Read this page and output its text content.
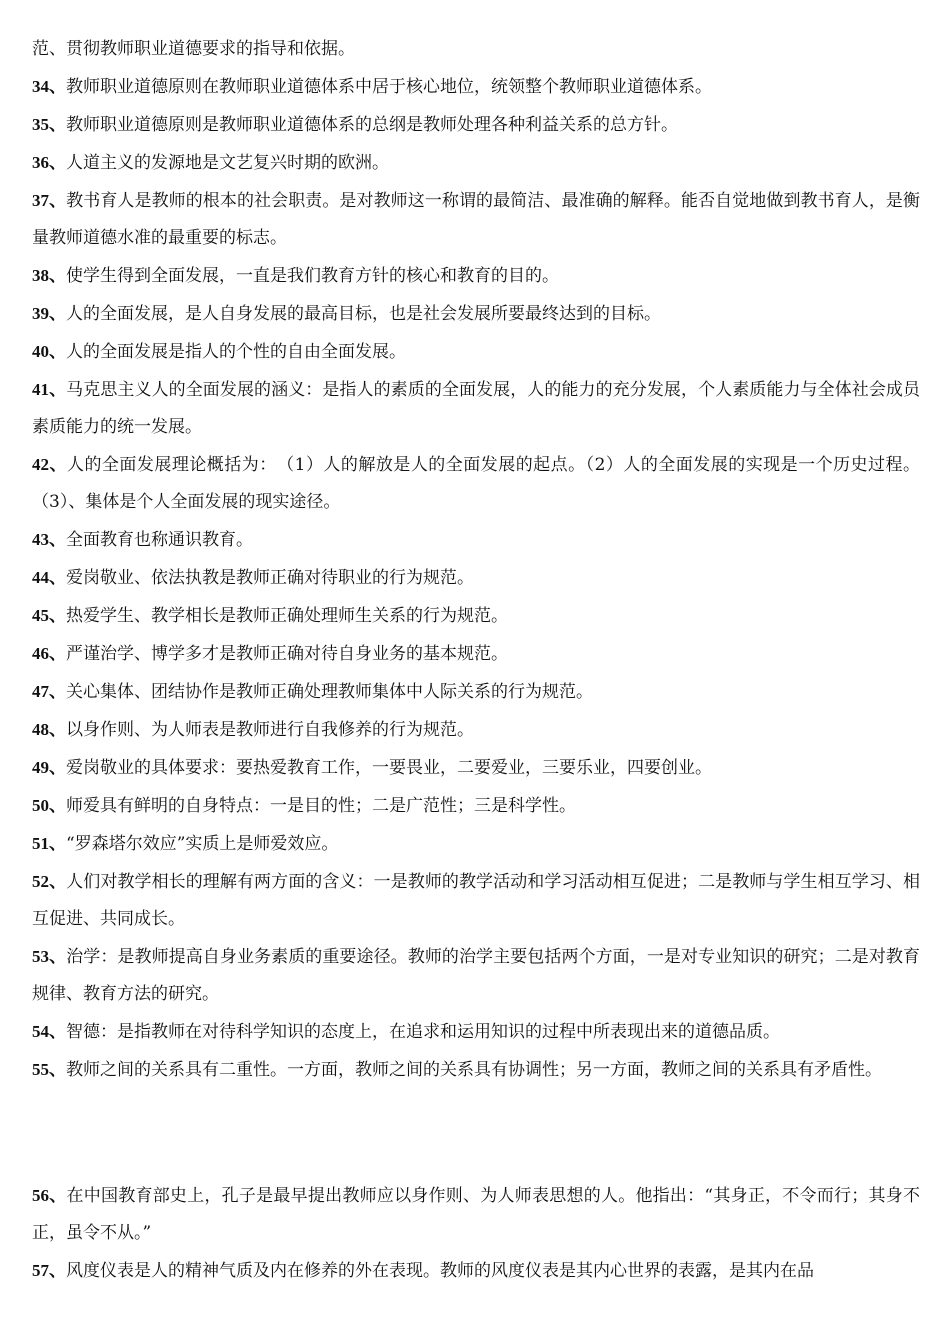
范、贯彻教师职业道德要求的指导和依据。

34、教师职业道德原则在教师职业道德体系中居于核心地位，统领整个教师职业道德体系。

35、教师职业道德原则是教师职业道德体系的总纲是教师处理各种利益关系的总方针。

36、人道主义的发源地是文艺复兴时期的欧洲。

37、教书育人是教师的根本的社会职责。是对教师这一称谓的最简洁、最准确的解释。能否自觉地做到教书育人，是衡量教师道德水准的最重要的标志。

38、使学生得到全面发展，一直是我们教育方针的核心和教育的目的。

39、人的全面发展，是人自身发展的最高目标，也是社会发展所要最终达到的目标。

40、人的全面发展是指人的个性的自由全面发展。

41、马克思主义人的全面发展的涵义：是指人的素质的全面发展，人的能力的充分发展，个人素质能力与全体社会成员素质能力的统一发展。

42、人的全面发展理论概括为：　（1）人的解放是人的全面发展的起点。（2）人的全面发展的实现是一个历史过程。（3）、集体是个人全面发展的现实途径。

43、全面教育也称通识教育。

44、爱岗敬业、依法执教是教师正确对待职业的行为规范。

45、热爱学生、教学相长是教师正确处理师生关系的行为规范。

46、严谨治学、博学多才是教师正确对待自身业务的基本规范。

47、关心集体、团结协作是教师正确处理教师集体中人际关系的行为规范。

48、以身作则、为人师表是教师进行自我修养的行为规范。

49、爱岗敬业的具体要求：要热爱教育工作，一要畏业，二要爱业，三要乐业，四要创业。

50、师爱具有鲜明的自身特点：一是目的性；二是广范性；三是科学性。

51、“罗森塔尔效应”实质上是师爱效应。

52、人们对教学相长的理解有两方面的含义：一是教师的教学活动和学习活动相互促进；二是教师与学生相互学习、相互促进、共同成长。

53、治学：是教师提高自身业务素质的重要途径。教师的治学主要包括两个方面，一是对专业知识的研究；二是对教育规律、教育方法的研究。

54、智德：是指教师在对待科学知识的态度上，在追求和运用知识的过程中所表现出来的道德品质。

55、教师之间的关系具有二重性。一方面，教师之间的关系具有协调性；另一方面，教师之间的关系具有矛盾性。

56、在中国教育部史上，孔子是最早提出教师应以身作则、为人师表思想的人。他指出：“其身正，不令而行；其身不正，虽令不从。”

57、风度仪表是人的精神气质及内在修养的外在表现。教师的风度仪表是其内心世界的表露，是其内在品
